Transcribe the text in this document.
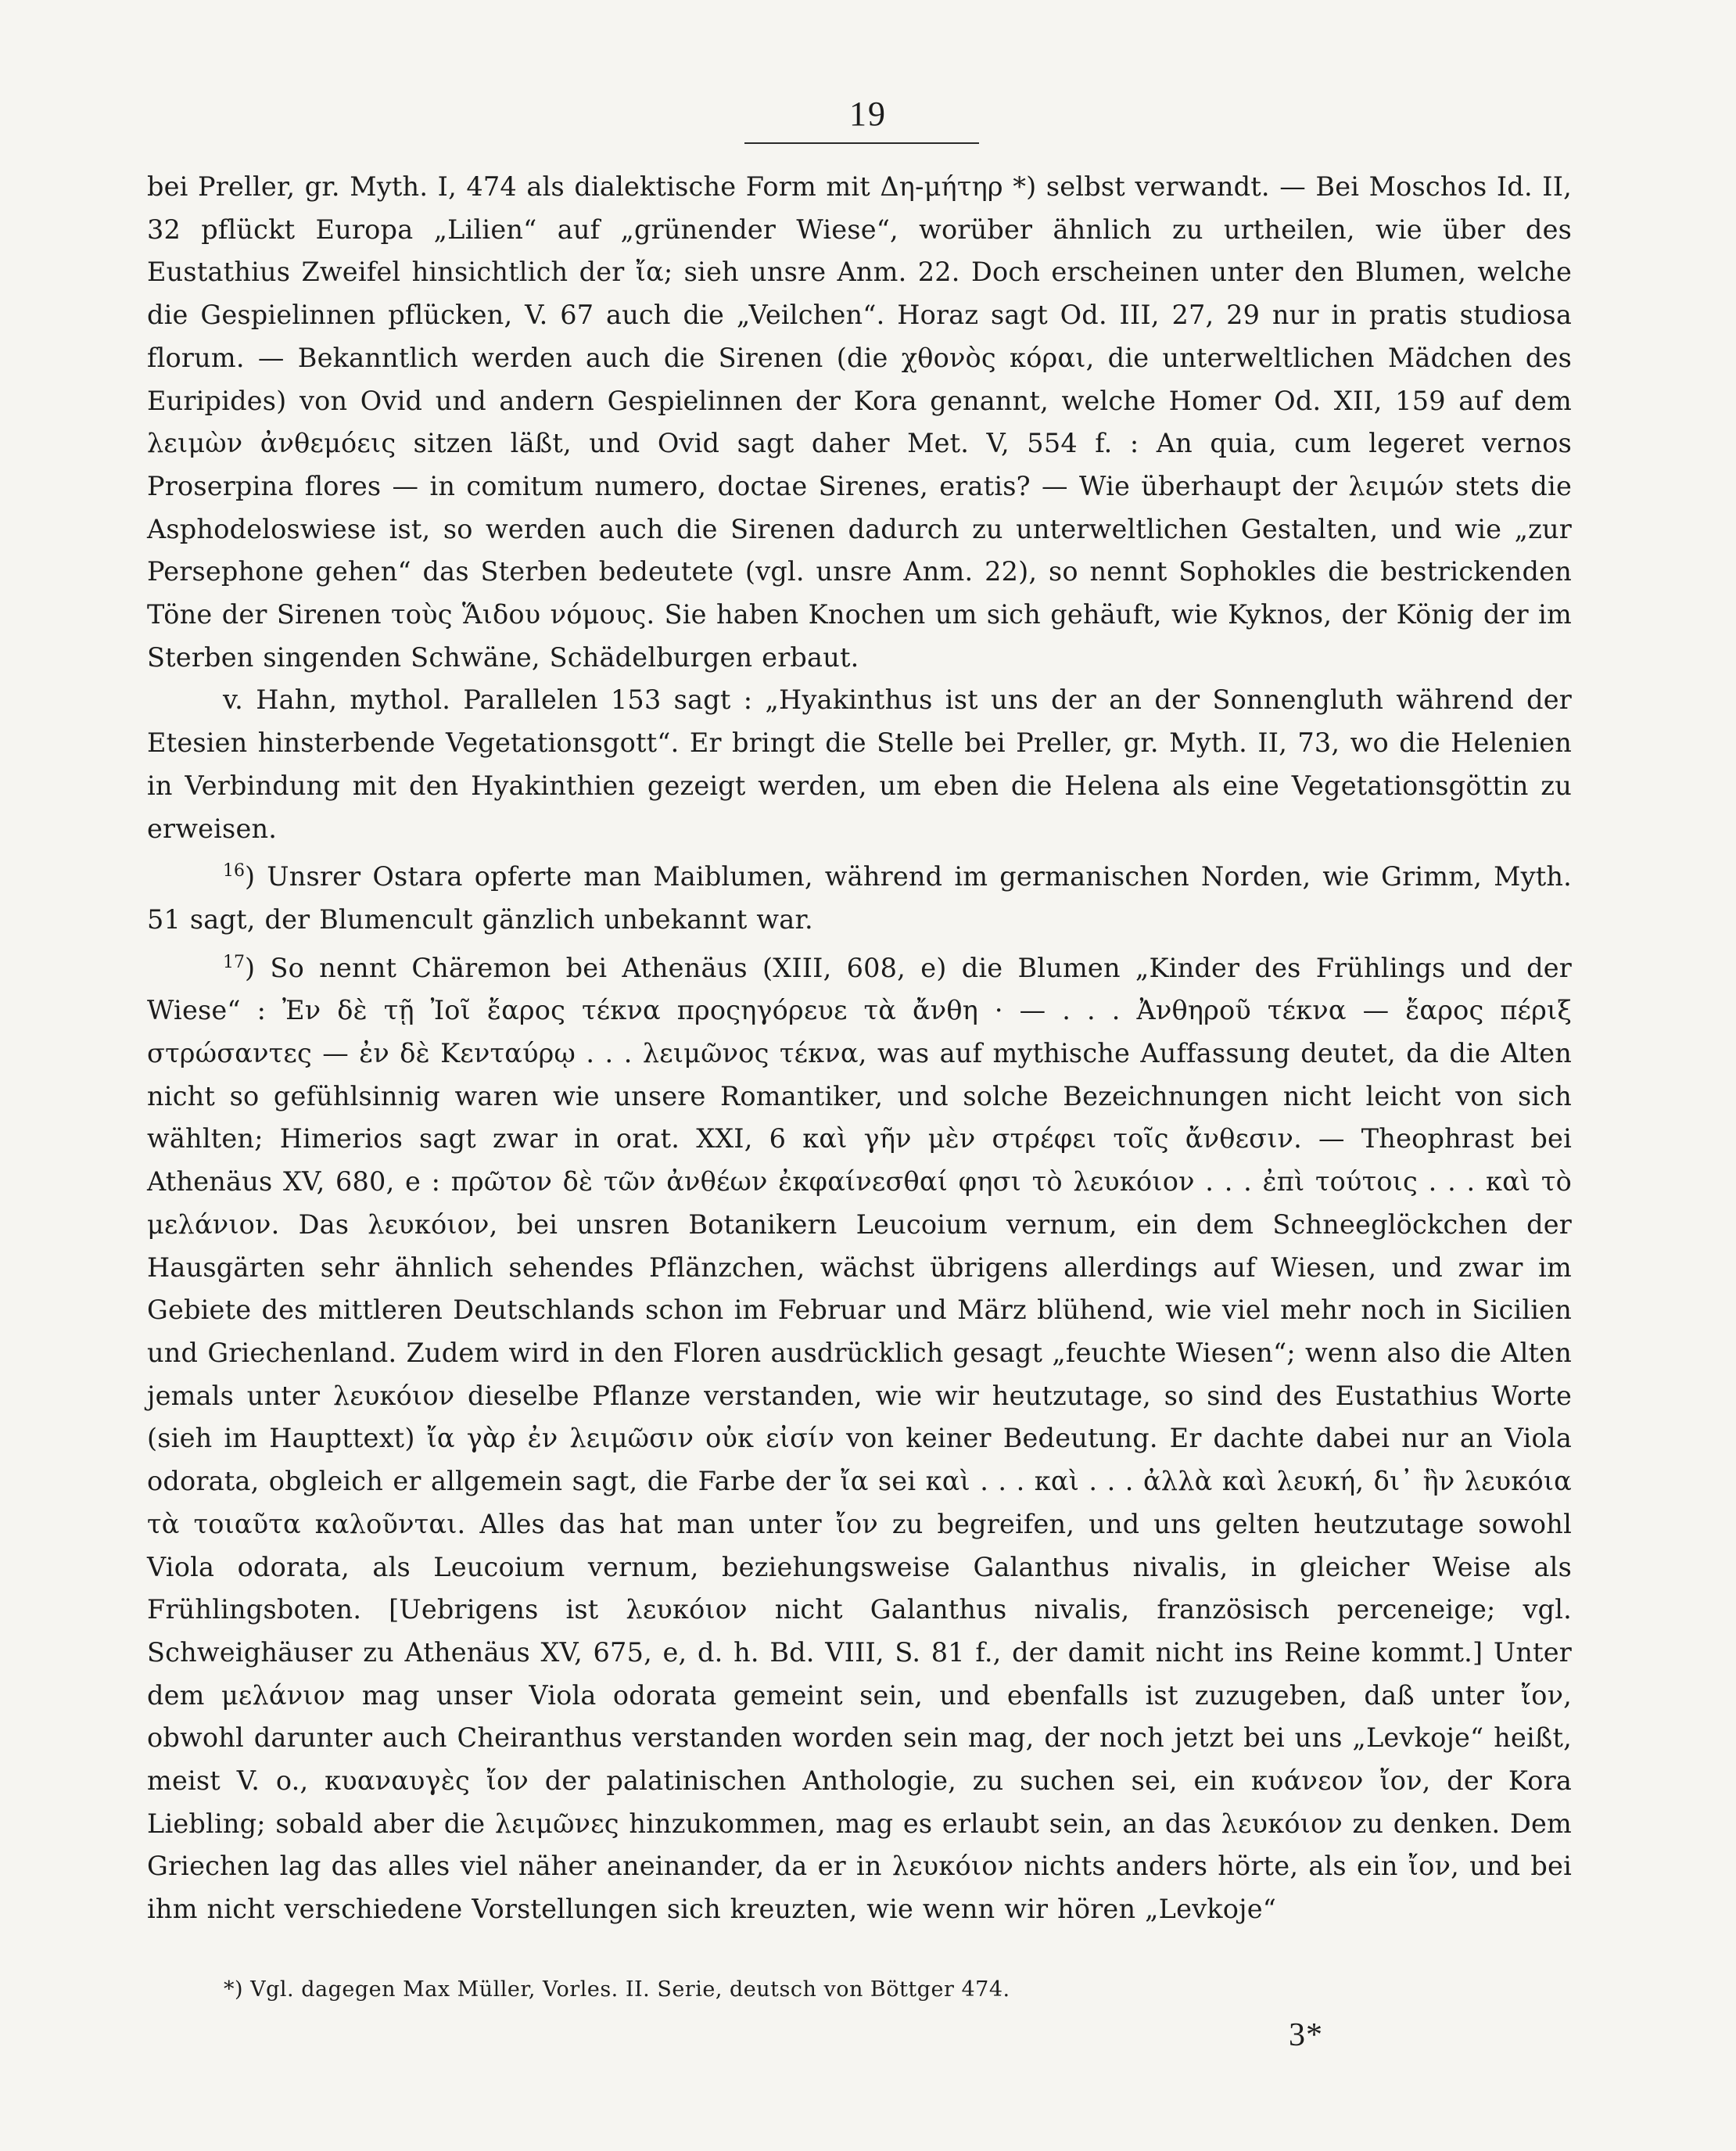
19

bei Preller, gr. Myth. I, 474 als dialektische Form mit Δη-μήτηρ *) selbst verwandt. — Bei Moschos Id. II, 32 pflückt Europa „Lilien“ auf „grünender Wiese“, worüber ähnlich zu urtheilen, wie über des Eustathius Zweifel hinsichtlich der ἴα; sieh unsre Anm. 22. Doch erscheinen unter den Blumen, welche die Gespielinnen pflücken, V. 67 auch die „Veilchen“. Horaz sagt Od. III, 27, 29 nur in pratis studiosa florum. — Bekanntlich werden auch die Sirenen (die χθονὸς κόραι, die unterweltlichen Mädchen des Euripides) von Ovid und andern Gespielinnen der Kora genannt, welche Homer Od. XII, 159 auf dem λειμὼν ἀνθεμόεις sitzen läßt, und Ovid sagt daher Met. V, 554 f. : An quia, cum legeret vernos Proserpina flores — in comitum numero, doctae Sirenes, eratis? — Wie überhaupt der λειμών stets die Asphodeloswiese ist, so werden auch die Sirenen dadurch zu unterweltlichen Gestalten, und wie „zur Persephone gehen“ das Sterben bedeutete (vgl. unsre Anm. 22), so nennt Sophokles die bestrickenden Töne der Sirenen τοὺς Ἅιδου νόμους. Sie haben Knochen um sich gehäuft, wie Kyknos, der König der im Sterben singenden Schwäne, Schädelburgen erbaut.

v. Hahn, mythol. Parallelen 153 sagt : „Hyakinthus ist uns der an der Sonnengluth während der Etesien hinsterbende Vegetationsgott“. Er bringt die Stelle bei Preller, gr. Myth. II, 73, wo die Helenien in Verbindung mit den Hyakinthien gezeigt werden, um eben die Helena als eine Vegetationsgöttin zu erweisen.

$^{16}$) Unsrer Ostara opferte man Maiblumen, während im germanischen Norden, wie Grimm, Myth. 51 sagt, der Blumencult gänzlich unbekannt war.

$^{17}$) So nennt Chäremon bei Athenäus (XIII, 608, e) die Blumen „Kinder des Frühlings und der Wiese“ : Ἐν δὲ τῇ Ἰοῖ ἔαρος τέκνα προςηγόρευε τὰ ἄνθη · — . . . Ἀνθηροῦ τέκνα — ἔαρος πέριξ στρώσαντες — ἐν δὲ Κενταύρῳ . . . λειμῶνος τέκνα, was auf mythische Auffassung deutet, da die Alten nicht so gefühlsinnig waren wie unsere Romantiker, und solche Bezeichnungen nicht leicht von sich wählten; Himerios sagt zwar in orat. XXI, 6 καὶ γῆν μὲν στρέφει τοῖς ἄνθεσιν. — Theophrast bei Athenäus XV, 680, e : πρῶτον δὲ τῶν ἀνθέων ἐκφαίνεσθαί φησι τὸ λευκόιον . . . ἐπὶ τούτοις . . . καὶ τὸ μελάνιον. Das λευκόιον, bei unsren Botanikern Leucoium vernum, ein dem Schneeglöckchen der Hausgärten sehr ähnlich sehendes Pflänzchen, wächst übrigens allerdings auf Wiesen, und zwar im Gebiete des mittleren Deutschlands schon im Februar und März blühend, wie viel mehr noch in Sicilien und Griechenland. Zudem wird in den Floren ausdrücklich gesagt „feuchte Wiesen“; wenn also die Alten jemals unter λευκόιον dieselbe Pflanze verstanden, wie wir heutzutage, so sind des Eustathius Worte (sieh im Haupttext) ἴα γὰρ ἐν λειμῶσιν οὐκ εἰσίν von keiner Bedeutung. Er dachte dabei nur an Viola odorata, obgleich er allgemein sagt, die Farbe der ἴα sei καὶ . . . καὶ . . . ἀλλὰ καὶ λευκή, δι᾽ ἣν λευκόια τὰ τοιαῦτα καλοῦνται. Alles das hat man unter ἴον zu begreifen, und uns gelten heutzutage sowohl Viola odorata, als Leucoium vernum, beziehungsweise Galanthus nivalis, in gleicher Weise als Frühlingsboten. [Uebrigens ist λευκόιον nicht Galanthus nivalis, französisch perceneige; vgl. Schweighäuser zu Athenäus XV, 675, e, d. h. Bd. VIII, S. 81 f., der damit nicht ins Reine kommt.] Unter dem μελάνιον mag unser Viola odorata gemeint sein, und ebenfalls ist zuzugeben, daß unter ἴον, obwohl darunter auch Cheiranthus verstanden worden sein mag, der noch jetzt bei uns „Levkoje“ heißt, meist V. o., κυαναυγὲς ἴον der palatinischen Anthologie, zu suchen sei, ein κυάνεον ἴον, der Kora Liebling; sobald aber die λειμῶνες hinzukommen, mag es erlaubt sein, an das λευκόιον zu denken. Dem Griechen lag das alles viel näher aneinander, da er in λευκόιον nichts anders hörte, als ein ἴον, und bei ihm nicht verschiedene Vorstellungen sich kreuzten, wie wenn wir hören „Levkoje“

*) Vgl. dagegen Max Müller, Vorles. II. Serie, deutsch von Böttger 474.
3*
